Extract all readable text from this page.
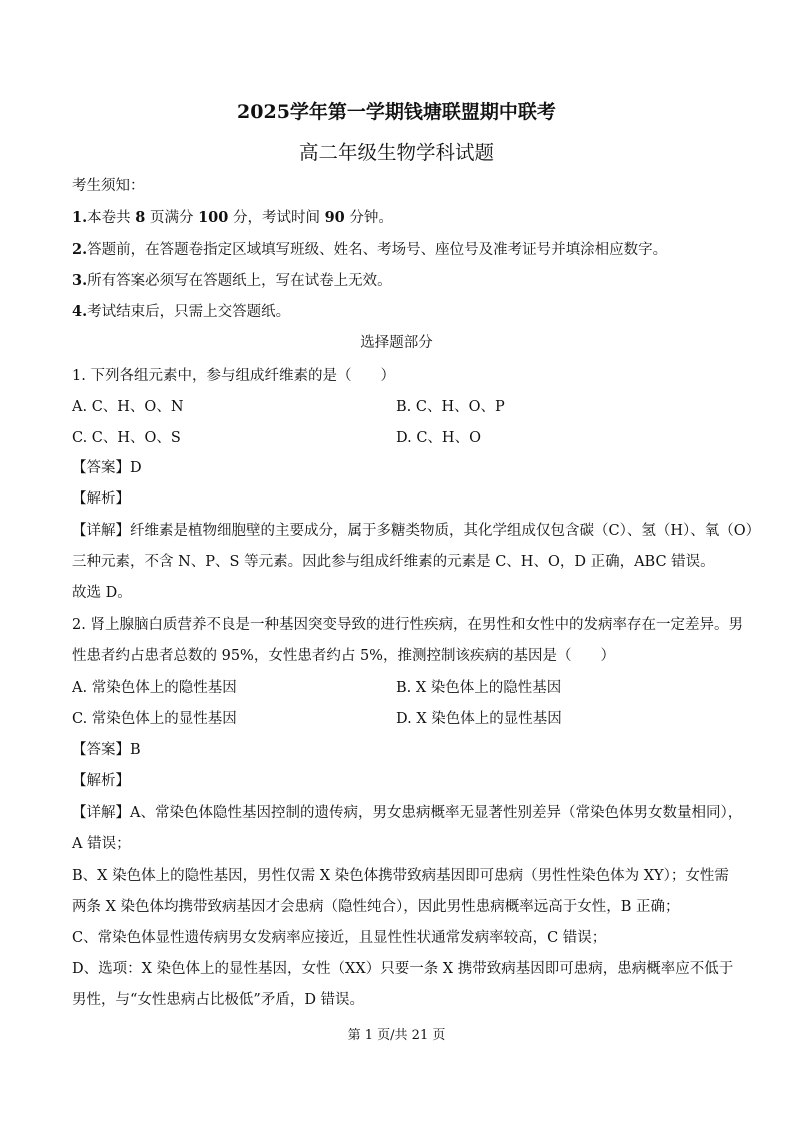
2025学年第一学期钱塘联盟期中联考
高二年级生物学科试题
考生须知：
1.本卷共 8 页满分 100 分，考试时间 90 分钟。
2.答题前，在答题卷指定区域填写班级、姓名、考场号、座位号及准考证号并填涂相应数字。
3.所有答案必须写在答题纸上，写在试卷上无效。
4.考试结束后，只需上交答题纸。
选择题部分
1. 下列各组元素中，参与组成纤维素的是（　　）
A. C、H、O、N	B. C、H、O、P
C. C、H、O、S	D. C、H、O
【答案】D
【解析】
【详解】纤维素是植物细胞壁的主要成分，属于多糖类物质，其化学组成仅包含碳（C）、氢（H）、氧（O）
三种元素，不含 N、P、S 等元素。因此参与组成纤维素的元素是 C、H、O，D 正确，ABC 错误。
故选 D。
2. 肾上腺脑白质营养不良是一种基因突变导致的进行性疾病，在男性和女性中的发病率存在一定差异。男
性患者约占患者总数的 95%，女性患者约占 5%，推测控制该疾病的基因是（　　）
A. 常染色体上的隐性基因	B. X 染色体上的隐性基因
C. 常染色体上的显性基因	D. X 染色体上的显性基因
【答案】B
【解析】
【详解】A、常染色体隐性基因控制的遗传病，男女患病概率无显著性别差异（常染色体男女数量相同），
A 错误；
B、X 染色体上的隐性基因，男性仅需 X 染色体携带致病基因即可患病（男性性染色体为 XY）；女性需
两条 X 染色体均携带致病基因才会患病（隐性纯合），因此男性患病概率远高于女性，B 正确；
C、常染色体显性遗传病男女发病率应接近，且显性性状通常发病率较高，C 错误；
D、选项：X 染色体上的显性基因，女性（XX）只要一条 X 携带致病基因即可患病，患病概率应不低于
男性，与“女性患病占比极低”矛盾，D 错误。
第 1 页/共 21 页
